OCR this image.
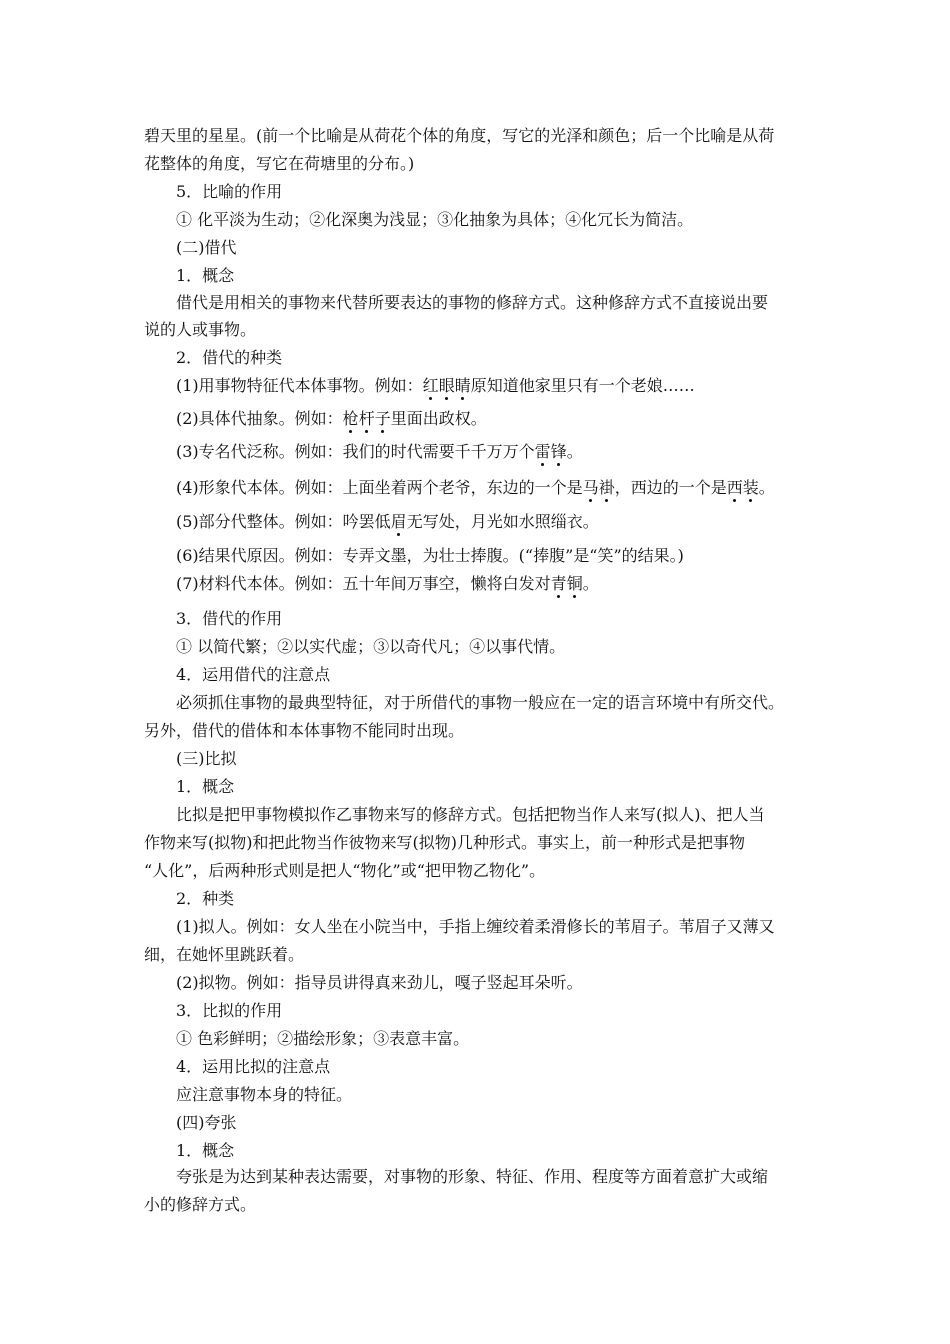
碧天里的星星。(前一个比喻是从荷花个体的角度，写它的光泽和颜色；后一个比喻是从荷
花整体的角度，写它在荷塘里的分布。)
5．比喻的作用
① 化平淡为生动；②化深奥为浅显；③化抽象为具体；④化冗长为简洁。
(二)借代
1．概念
借代是用相关的事物来代替所要表达的事物的修辞方式。这种修辞方式不直接说出要
说的人或事物。
2．借代的种类
(1)用事物特征代本体事物。例如：红眼睛原知道他家里只有一个老娘……
(2)具体代抽象。例如：枪杆子里面出政权。
(3)专名代泛称。例如：我们的时代需要千千万万个雷锋。
(4)形象代本体。例如：上面坐着两个老爷，东边的一个是马褂，西边的一个是西装。
(5)部分代整体。例如：吟罢低眉无写处，月光如水照缁衣。
(6)结果代原因。例如：专弄文墨，为壮士捧腹。(“捧腹”是“笑”的结果。)
(7)材料代本体。例如：五十年间万事空，懒将白发对青铜。
3．借代的作用
① 以简代繁；②以实代虚；③以奇代凡；④以事代情。
4．运用借代的注意点
必须抓住事物的最典型特征，对于所借代的事物一般应在一定的语言环境中有所交代。
另外，借代的借体和本体事物不能同时出现。
(三)比拟
1．概念
比拟是把甲事物模拟作乙事物来写的修辞方式。包括把物当作人来写(拟人)、把人当
作物来写(拟物)和把此物当作彼物来写(拟物)几种形式。事实上，前一种形式是把事物
“人化”，后两种形式则是把人“物化”或“把甲物乙物化”。
2．种类
(1)拟人。例如：女人坐在小院当中，手指上缠绞着柔滑修长的苇眉子。苇眉子又薄又
细，在她怀里跳跃着。
(2)拟物。例如：指导员讲得真来劲儿，嘎子竖起耳朵听。
3．比拟的作用
① 色彩鲜明；②描绘形象；③表意丰富。
4．运用比拟的注意点
应注意事物本身的特征。
(四)夸张
1．概念
夸张是为达到某种表达需要，对事物的形象、特征、作用、程度等方面着意扩大或缩
小的修辞方式。
